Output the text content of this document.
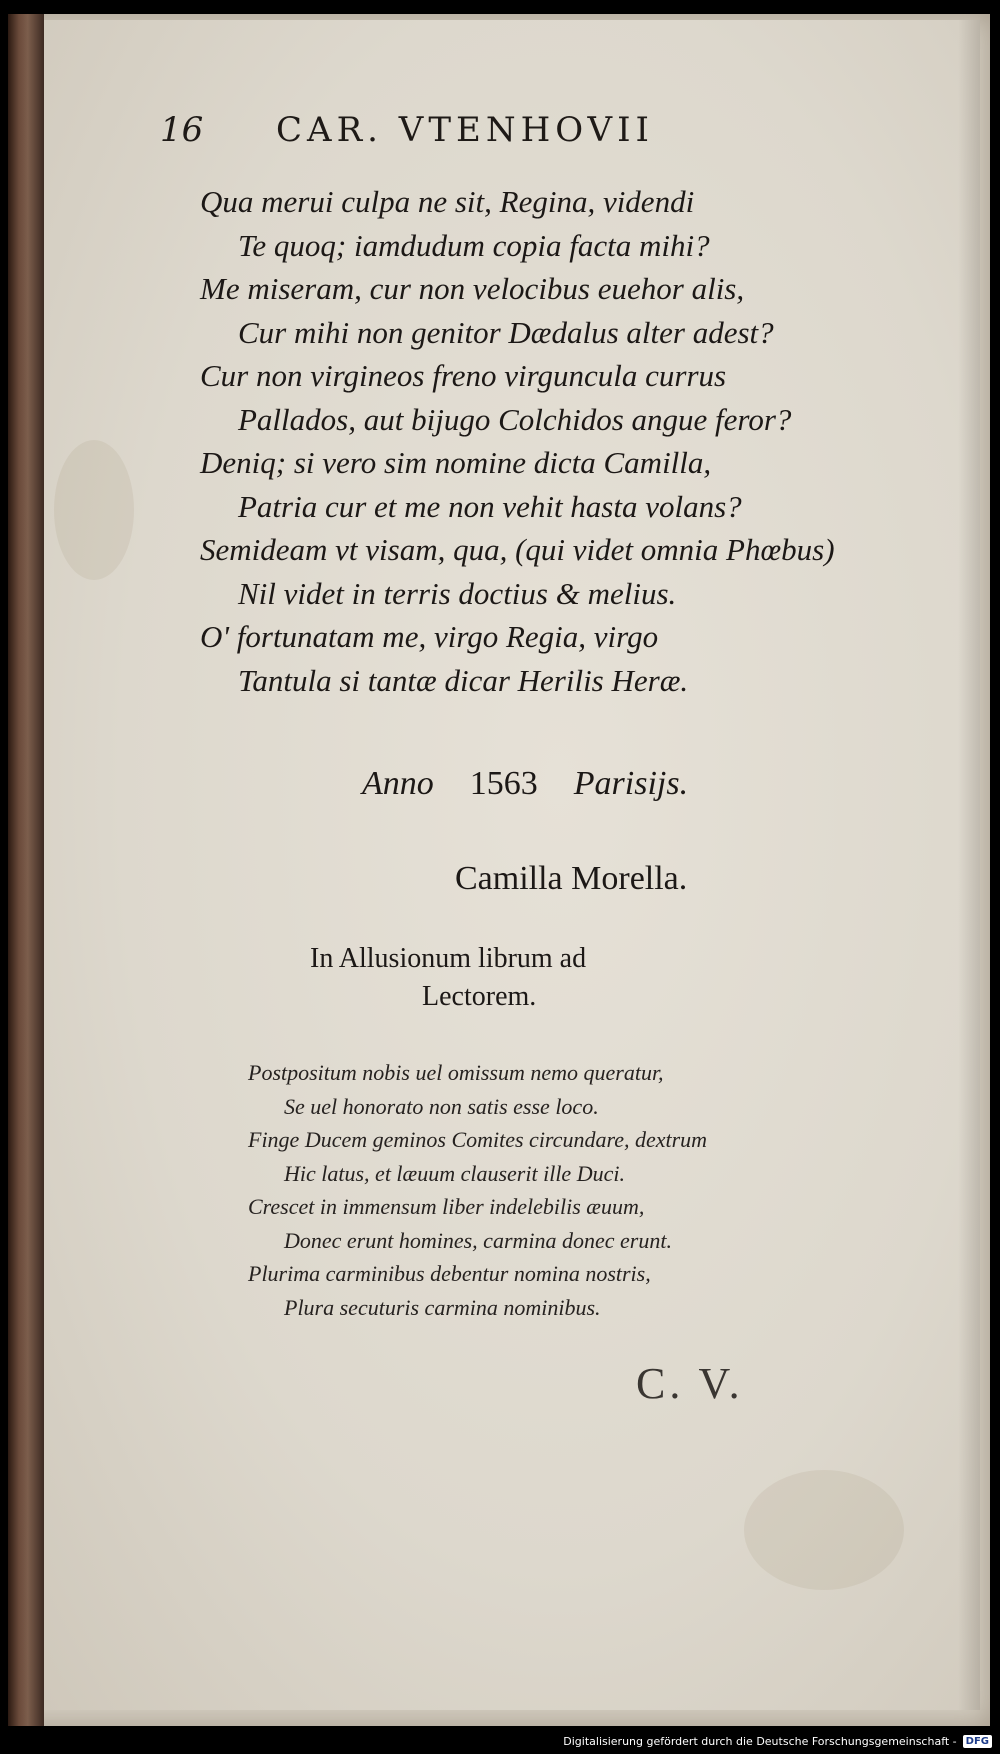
16 CAR. VTENHOVII
Qua merui culpa ne sit, Regina, videndi
Te quoq; iamdudum copia facta mihi?
Me miseram, cur non velocibus euehor alis,
Cur mihi non genitor Dædalus alter adest?
Cur non virgineos freno virguncula currus
Pallados, aut bijugo Colchidos angue feror?
Deniq; si vero sim nomine dicta Camilla,
Patria cur et me non vehit hasta volans?
Semideam vt visam, qua, (qui videt omnia Phœbus)
Nil videt in terris doctius & melius.
O' fortunatam me, virgo Regia, virgo
Tantula si tantæ dicar Herilis Heræ.
Anno 1563 Parisijs.
Camilla Morella.
In Allusionum librum ad
Lectorem.
Postpositum nobis uel omissum nemo queratur,
Se uel honorato non satis esse loco.
Finge Ducem geminos Comites circundare, dextrum
Hic latus, et læuum clauserit ille Duci.
Crescet in immensum liber indelebilis æuum,
Donec erunt homines, carmina donec erunt.
Plurima carminibus debentur nomina nostris,
Plura secuturis carmina nominibus.
C. V.
Digitalisierung gefördert durch die Deutsche Forschungsgemeinschaft - DFG
